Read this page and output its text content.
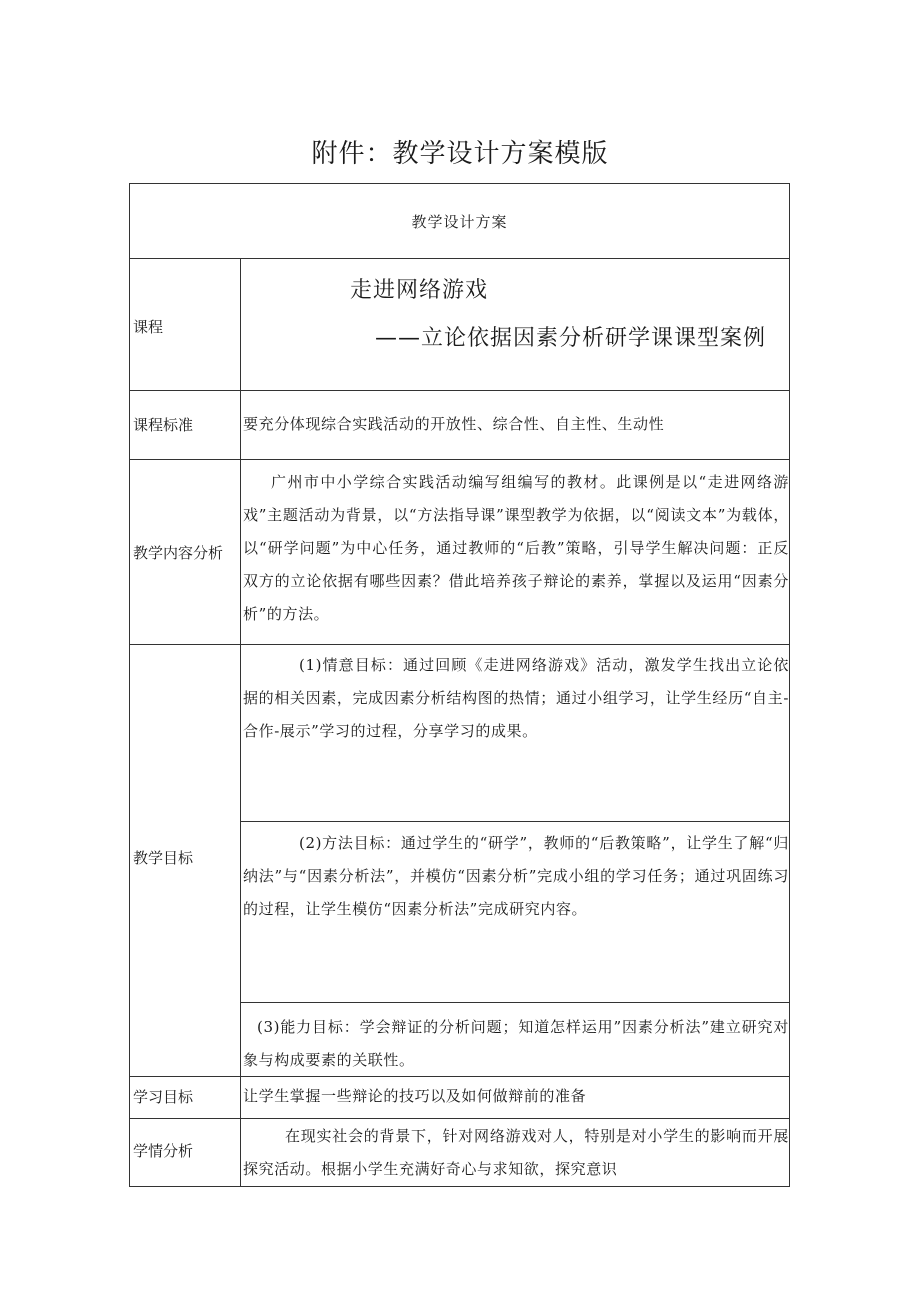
附件：教学设计方案模版
教学设计方案
课程
走进网络游戏
——立论依据因素分析研学课课型案例
课程标准	要充分体现综合实践活动的开放性、综合性、自主性、生动性
教学内容分析
广州市中小学综合实践活动编写组编写的教材。此课例是以“走进网络游戏”主题活动为背景，以“方法指导课”课型教学为依据，以“阅读文本”为载体，以“研学问题”为中心任务，通过教师的“后教”策略，引导学生解决问题：正反双方的立论依据有哪些因素？借此培养孩子辩论的素养，掌握以及运用“因素分析”的方法。
教学目标
(1)情意目标：通过回顾《走进网络游戏》活动，激发学生找出立论依据的相关因素，完成因素分析结构图的热情；通过小组学习，让学生经历“自主-合作-展示”学习的过程，分享学习的成果。
(2)方法目标：通过学生的“研学”，教师的“后教策略”，让学生了解“归纳法”与“因素分析法”，并模仿“因素分析”完成小组的学习任务；通过巩固练习的过程，让学生模仿“因素分析法”完成研究内容。
(3)能力目标：学会辩证的分析问题；知道怎样运用”因素分析法”建立研究对象与构成要素的关联性。
学习目标	让学生掌握一些辩论的技巧以及如何做辩前的准备
学情分析
在现实社会的背景下，针对网络游戏对人，特别是对小学生的影响而开展探究活动。根据小学生充满好奇心与求知欲，探究意识
